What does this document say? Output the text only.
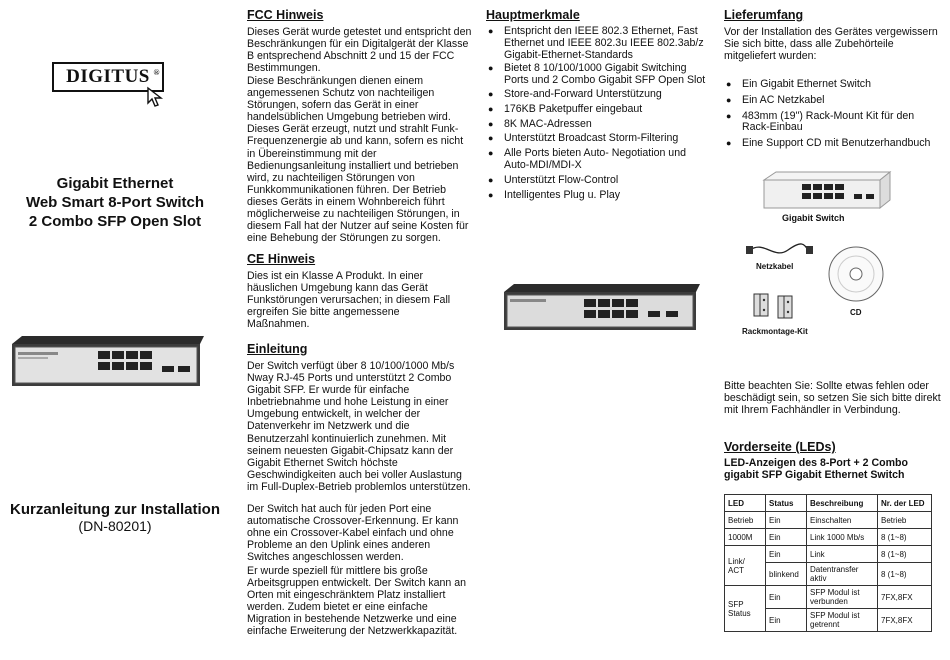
DIGITUS ®
Gigabit Ethernet
Web Smart 8-Port Switch
2 Combo SFP Open Slot
Kurzanleitung zur Installation
(DN-80201)
FCC Hinweis
Dieses Gerät wurde getestet und entspricht den Beschränkungen für ein Digitalgerät der Klasse B entsprechend Abschnitt 2 und 15 der FCC Bestimmungen.
Diese Beschränkungen dienen einem angemessenen Schutz von nachteiligen Störungen, sofern das Gerät in einer handelsüblichen Umgebung betrieben wird. Dieses Gerät erzeugt, nutzt und strahlt Funk-Frequenzenergie ab und kann, sofern es nicht in Übereinstimmung mit der Bedienungsanleitung installiert und betrieben wird, zu nachteiligen Störungen von Funkkommunikationen führen. Der Betrieb dieses Geräts in einem Wohnbereich führt möglicherweise zu nachteiligen Störungen, in diesem Fall hat der Nutzer auf seine Kosten für eine Behebung der Störungen zu sorgen.
CE Hinweis
Dies ist ein Klasse A Produkt. In einer häuslichen Umgebung kann das Gerät Funkstörungen verursachen; in diesem Fall ergreifen Sie bitte angemessene Maßnahmen.
Einleitung
Der Switch verfügt über 8 10/100/1000 Mb/s Nway RJ-45 Ports und unterstützt 2 Combo Gigabit SFP. Er wurde für einfache Inbetriebnahme und hohe Leistung in einer Umgebung entwickelt, in welcher der Datenverkehr im Netzwerk und die Benutzerzahl kontinuierlich zunehmen. Mit seinem neuesten Gigabit-Chipsatz kann der Gigabit Ethernet Switch höchste Geschwindigkeiten auch bei voller Auslastung im Full-Duplex-Betrieb problemlos unterstützen.
Der Switch hat auch für jeden Port eine automatische Crossover-Erkennung. Er kann ohne ein Crossover-Kabel einfach und ohne Probleme an den Uplink eines anderen Switches angeschlossen werden.
Er wurde speziell für mittlere bis große Arbeitsgruppen entwickelt. Der Switch kann an Orten mit eingeschränktem Platz installiert werden. Zudem bietet er eine einfache Migration in bestehende Netzwerke und eine einfache Erweiterung der Netzwerkkapazität.
Hauptmerkmale
● Entspricht den IEEE 802.3 Ethernet, Fast Ethernet und IEEE 802.3u IEEE 802.3ab/z Gigabit-Ethernet-Standards
● Bietet 8 10/100/1000 Gigabit Switching Ports und 2 Combo Gigabit SFP Open Slot
● Store-and-Forward Unterstützung
● 176KB Paketpuffer eingebaut
● 8K MAC-Adressen
● Unterstützt Broadcast Storm-Filtering
● Alle Ports bieten Auto- Negotiation und Auto-MDI/MDI-X
● Unterstützt Flow-Control
● Intelligentes Plug u. Play
Lieferumfang
Vor der Installation des Gerätes vergewissern Sie sich bitte, dass alle Zubehörteile mitgeliefert wurden:
● Ein Gigabit Ethernet Switch
● Ein AC Netzkabel
● 483mm (19") Rack-Mount Kit für den Rack-Einbau
● Eine Support CD mit Benutzerhandbuch
Gigabit Switch
Netzkabel
CD
Rackmontage-Kit
Bitte beachten Sie: Sollte etwas fehlen oder beschädigt sein, so setzen Sie sich bitte direkt mit Ihrem Fachhändler in Verbindung.
Vorderseite (LEDs)
LED-Anzeigen des 8-Port + 2 Combo gigabit SFP Gigabit Ethernet Switch
LED	Status	Beschreibung	Nr. der LED
Betrieb	Ein	Einschalten	Betrieb
1000M	Ein	Link 1000 Mb/s	8 (1~8)
Link/ ACT	Ein	Link	8 (1~8)
	blinkend	Datentransfer aktiv	8 (1~8)
SFP Status	Ein	SFP Modul ist verbunden	7FX,8FX
	Ein	SFP Modul ist getrennt	7FX,8FX
